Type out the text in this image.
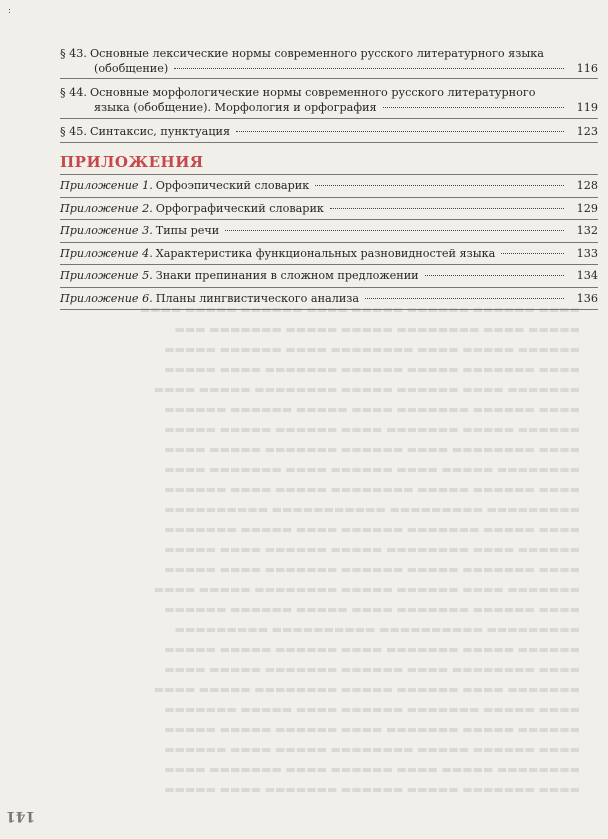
▬▬▬▬ ▬▬▬▬▬▬ ▬▬▬▬▬▬ ▬▬▬▬▬ ▬▬▬▬ ▬▬▬▬▬▬ ▬▬▬▬▬ ▬▬▬▬
▬▬▬▬▬ ▬▬▬▬ ▬▬▬▬▬▬▬▬ ▬▬▬▬▬ ▬▬▬▬▬ ▬▬▬▬▬▬▬ ▬▬▬
▬▬▬▬▬▬ ▬▬▬▬▬ ▬▬▬▬ ▬▬▬▬▬▬▬▬ ▬▬▬▬ ▬▬▬▬▬▬ ▬▬▬▬▬
▬▬▬▬ ▬▬▬▬▬▬▬ ▬▬▬▬▬ ▬▬▬▬▬▬ ▬▬▬▬▬▬▬ ▬▬▬▬ ▬▬▬▬▬
▬▬▬▬▬▬▬ ▬▬▬▬ ▬▬▬▬▬▬ ▬▬▬▬▬ ▬▬▬▬▬▬▬▬ ▬▬▬▬▬ ▬▬▬▬
▬▬▬▬ ▬▬▬▬▬▬ ▬▬▬▬▬▬▬ ▬▬▬▬ ▬▬▬▬▬ ▬▬▬▬▬▬ ▬▬▬▬▬▬
▬▬▬▬▬▬ ▬▬▬▬▬ ▬▬▬▬▬▬▬ ▬▬▬▬ ▬▬▬▬▬▬ ▬▬▬▬▬ ▬▬▬▬▬
▬▬▬▬ ▬▬▬▬▬▬▬▬ ▬▬▬▬ ▬▬▬▬▬▬ ▬▬▬▬▬▬▬ ▬▬▬▬▬ ▬▬▬▬
▬▬▬▬▬▬▬▬ ▬▬▬▬▬ ▬▬▬▬ ▬▬▬▬▬▬ ▬▬▬▬ ▬▬▬▬▬▬▬ ▬▬▬▬
▬▬▬▬ ▬▬▬▬▬▬ ▬▬▬▬▬ ▬▬▬▬▬▬▬▬ ▬▬▬▬▬ ▬▬▬▬ ▬▬▬▬▬▬
▬▬▬▬▬▬▬▬▬ ▬▬▬▬▬▬▬▬▬ ▬▬▬▬▬▬▬▬▬▬▬ ▬▬▬▬▬▬▬▬▬▬
▬▬▬▬ ▬▬▬▬▬ ▬▬▬▬▬▬▬ ▬▬▬▬▬▬ ▬▬▬▬ ▬▬▬▬▬ ▬▬▬▬▬▬▬
▬▬▬▬▬▬ ▬▬▬▬ ▬▬▬▬▬▬▬▬ ▬▬▬▬▬ ▬▬▬▬▬▬ ▬▬▬▬ ▬▬▬▬▬
▬▬▬▬ ▬▬▬▬▬▬▬ ▬▬▬▬▬ ▬▬▬▬▬▬ ▬▬▬▬▬▬▬ ▬▬▬▬ ▬▬▬▬▬
▬▬▬▬▬▬▬ ▬▬▬▬ ▬▬▬▬▬▬ ▬▬▬▬▬ ▬▬▬▬▬▬▬▬ ▬▬▬▬▬ ▬▬▬▬
▬▬▬▬ ▬▬▬▬▬▬ ▬▬▬▬▬▬▬ ▬▬▬▬ ▬▬▬▬▬ ▬▬▬▬▬▬ ▬▬▬▬▬▬
▬▬▬▬▬▬▬▬▬ ▬▬▬▬▬▬▬▬▬▬ ▬▬▬▬▬▬▬▬▬▬ ▬▬▬▬▬▬▬▬▬
▬▬▬▬▬▬ ▬▬▬▬▬ ▬▬▬▬▬▬▬ ▬▬▬▬ ▬▬▬▬▬▬ ▬▬▬▬▬ ▬▬▬▬▬
▬▬▬▬ ▬▬▬▬▬▬▬▬ ▬▬▬▬ ▬▬▬▬▬▬ ▬▬▬▬▬▬▬ ▬▬▬▬▬ ▬▬▬▬
▬▬▬▬▬▬▬ ▬▬▬▬ ▬▬▬▬▬▬ ▬▬▬▬▬ ▬▬▬▬▬▬▬▬ ▬▬▬▬▬ ▬▬▬▬
▬▬▬▬ ▬▬▬▬▬ ▬▬▬▬▬▬▬ ▬▬▬▬▬▬ ▬▬▬▬ ▬▬▬▬▬ ▬▬▬▬▬▬▬
▬▬▬▬▬▬ ▬▬▬▬▬ ▬▬▬▬▬▬▬ ▬▬▬▬ ▬▬▬▬▬▬ ▬▬▬▬▬ ▬▬▬▬▬
▬▬▬▬ ▬▬▬▬▬▬ ▬▬▬▬▬ ▬▬▬▬▬▬▬▬ ▬▬▬▬▬ ▬▬▬▬ ▬▬▬▬▬▬
▬▬▬▬▬▬▬▬ ▬▬▬▬▬ ▬▬▬▬ ▬▬▬▬▬▬ ▬▬▬▬ ▬▬▬▬▬▬▬ ▬▬▬▬
▬▬▬▬ ▬▬▬▬▬▬▬ ▬▬▬▬▬ ▬▬▬▬▬▬ ▬▬▬▬▬▬▬ ▬▬▬▬ ▬▬▬▬▬
:
§ 43. Основные лексические нормы современного русского литературного языка
(обобщение)	116
§ 44. Основные морфологические нормы современного русского литературного
языка (обобщение). Морфология и орфография	119
§ 45. Синтаксис, пунктуация	123
ПРИЛОЖЕНИЯ
Приложение 1. Орфоэпический словарик	128
Приложение 2. Орфографический словарик	129
Приложение 3. Типы речи	132
Приложение 4. Характеристика функциональных разновидностей языка	133
Приложение 5. Знаки препинания в сложном предложении	134
Приложение 6. Планы лингвистического анализа	136
141
